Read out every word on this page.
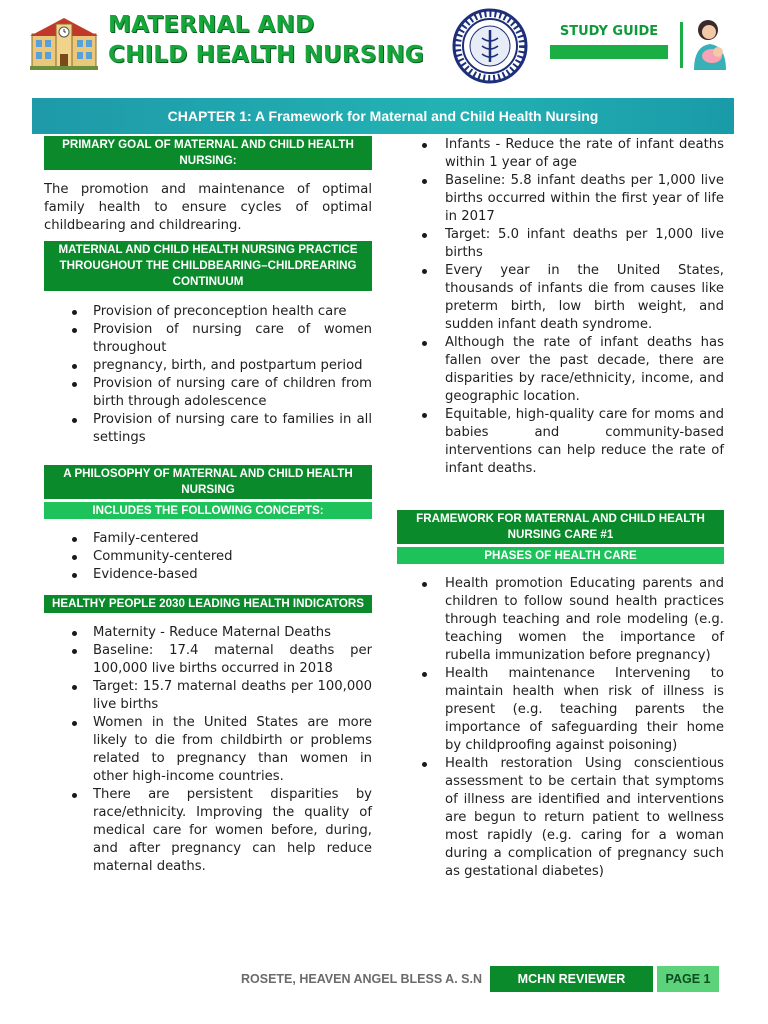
MATERNAL AND
CHILD HEALTH NURSING
STUDY GUIDE
CHAPTER 1: A Framework for Maternal and Child Health Nursing
PRIMARY GOAL OF MATERNAL AND CHILD HEALTH NURSING:
The promotion and maintenance of optimal family health to ensure cycles of optimal childbearing and childrearing.
MATERNAL AND CHILD HEALTH NURSING PRACTICE THROUGHOUT THE CHILDBEARING–CHILDREARING CONTINUUM
Provision of preconception health care
Provision of nursing care of women throughout
pregnancy, birth, and postpartum period
Provision of nursing care of children from birth through adolescence
Provision of nursing care to families in all settings
A PHILOSOPHY OF MATERNAL AND CHILD HEALTH NURSING
INCLUDES THE FOLLOWING CONCEPTS:
Family-centered
Community-centered
Evidence-based
HEALTHY PEOPLE 2030 LEADING HEALTH INDICATORS
Maternity - Reduce Maternal Deaths
Baseline: 17.4 maternal deaths per 100,000 live births occurred in 2018
Target: 15.7 maternal deaths per 100,000 live births
Women in the United States are more likely to die from childbirth or problems related to pregnancy than women in other high-income countries.
There are persistent disparities by race/ethnicity. Improving the quality of medical care for women before, during, and after pregnancy can help reduce maternal deaths.
Infants - Reduce the rate of infant deaths within 1 year of age
Baseline: 5.8 infant deaths per 1,000 live births occurred within the first year of life in 2017
Target: 5.0 infant deaths per 1,000 live births
Every year in the United States, thousands of infants die from causes like preterm birth, low birth weight, and sudden infant death syndrome.
Although the rate of infant deaths has fallen over the past decade, there are disparities by race/ethnicity, income, and geographic location.
Equitable, high-quality care for moms and babies and community-based interventions can help reduce the rate of infant deaths.
FRAMEWORK FOR MATERNAL AND CHILD HEALTH NURSING CARE #1
PHASES OF HEALTH CARE
Health promotion Educating parents and children to follow sound health practices through teaching and role modeling (e.g. teaching women the importance of rubella immunization before pregnancy)
Health maintenance Intervening to maintain health when risk of illness is present (e.g. teaching parents the importance of safeguarding their home by childproofing against poisoning)
Health restoration Using conscientious assessment to be certain that symptoms of illness are identified and interventions are begun to return patient to wellness most rapidly (e.g. caring for a woman during a complication of pregnancy such as gestational diabetes)
ROSETE, HEAVEN ANGEL BLESS A. S.N	MCHN REVIEWER	PAGE 1
